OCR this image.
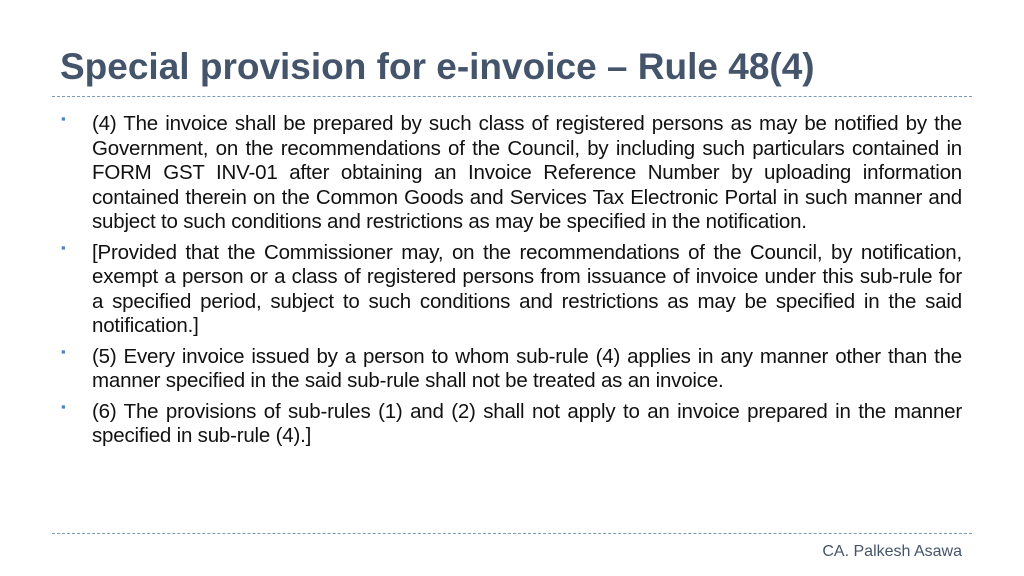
Special provision for e-invoice – Rule 48(4)
▪ (4) The invoice shall be prepared by such class of registered persons as may be notified by the Government, on the recommendations of the Council, by including such particulars contained in FORM GST INV-01 after obtaining an Invoice Reference Number by uploading information contained therein on the Common Goods and Services Tax Electronic Portal in such manner and subject to such conditions and restrictions as may be specified in the notification.
▪ [Provided that the Commissioner may, on the recommendations of the Council, by notification, exempt a person or a class of registered persons from issuance of invoice under this sub-rule for a specified period, subject to such conditions and restrictions as may be specified in the said notification.]
▪ (5) Every invoice issued by a person to whom sub-rule (4) applies in any manner other than the manner specified in the said sub-rule shall not be treated as an invoice.
▪ (6) The provisions of sub-rules (1) and (2) shall not apply to an invoice prepared in the manner specified in sub-rule (4).]
CA. Palkesh Asawa
